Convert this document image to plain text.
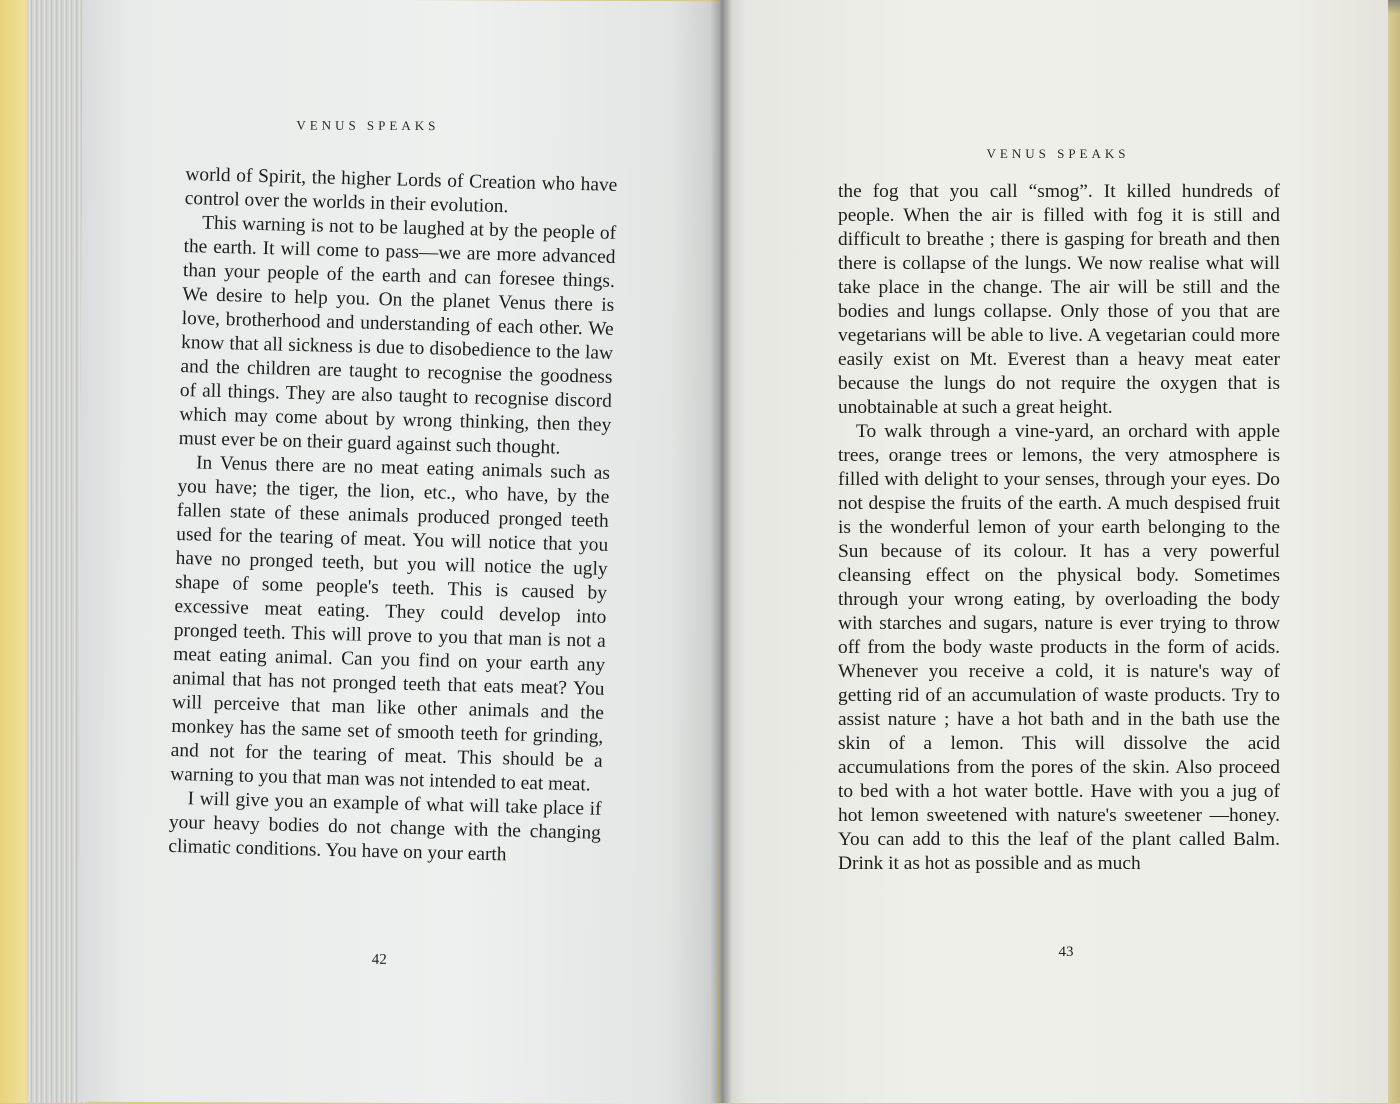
VENUS SPEAKS

world of Spirit, the higher Lords of Creation who have control over the worlds in their evolution.

This warning is not to be laughed at by the people of the earth. It will come to pass—we are more advanced than your people of the earth and can foresee things. We desire to help you. On the planet Venus there is love, brotherhood and understanding of each other. We know that all sickness is due to disobedience to the law and the children are taught to recognise the goodness of all things. They are also taught to recognise discord which may come about by wrong thinking, then they must ever be on their guard against such thought.

In Venus there are no meat eating animals such as you have; the tiger, the lion, etc., who have, by the fallen state of these animals produced pronged teeth used for the tearing of meat. You will notice that you have no pronged teeth, but you will notice the ugly shape of some people's teeth. This is caused by excessive meat eating. They could develop into pronged teeth. This will prove to you that man is not a meat eating animal. Can you find on your earth any animal that has not pronged teeth that eats meat? You will perceive that man like other animals and the monkey has the same set of smooth teeth for grinding, and not for the tearing of meat. This should be a warning to you that man was not intended to eat meat.

I will give you an example of what will take place if your heavy bodies do not change with the changing climatic conditions. You have on your earth

42
VENUS SPEAKS

the fog that you call “smog”. It killed hundreds of people. When the air is filled with fog it is still and difficult to breathe ; there is gasping for breath and then there is collapse of the lungs. We now realise what will take place in the change. The air will be still and the bodies and lungs collapse. Only those of you that are vegetarians will be able to live. A vegetarian could more easily exist on Mt. Everest than a heavy meat eater because the lungs do not require the oxygen that is unobtainable at such a great height.

To walk through a vine-yard, an orchard with apple trees, orange trees or lemons, the very atmosphere is filled with delight to your senses, through your eyes. Do not despise the fruits of the earth. A much despised fruit is the wonderful lemon of your earth belonging to the Sun because of its colour. It has a very powerful cleansing effect on the physical body. Sometimes through your wrong eating, by overloading the body with starches and sugars, nature is ever trying to throw off from the body waste products in the form of acids. Whenever you receive a cold, it is nature's way of getting rid of an accumulation of waste products. Try to assist nature ; have a hot bath and in the bath use the skin of a lemon. This will dissolve the acid accumulations from the pores of the skin. Also proceed to bed with a hot water bottle. Have with you a jug of hot lemon sweetened with nature's sweetener —honey. You can add to this the leaf of the plant called Balm. Drink it as hot as possible and as much

43
